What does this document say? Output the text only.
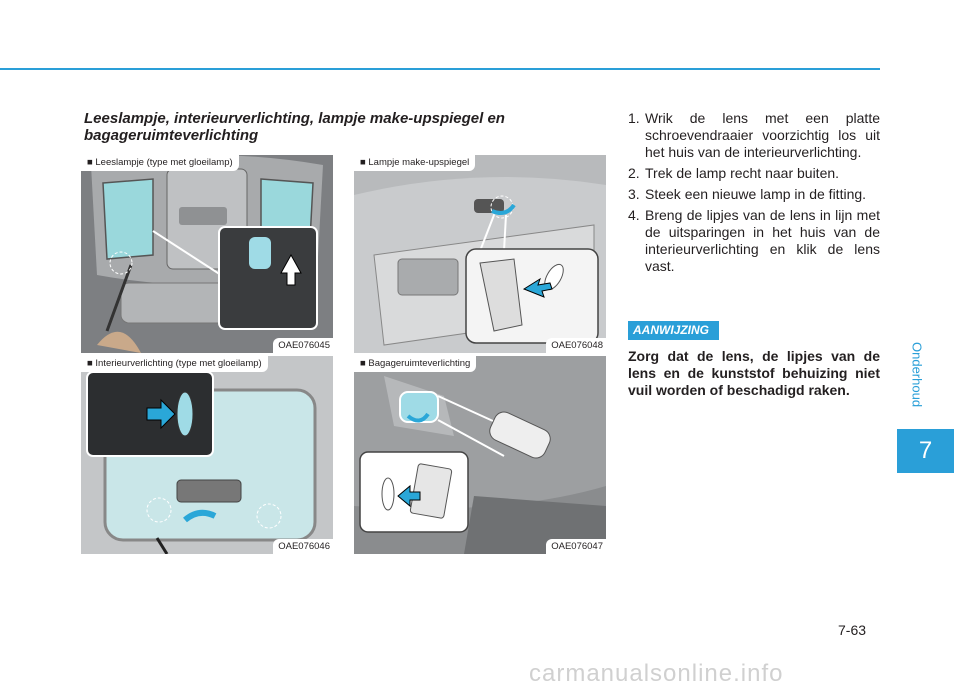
Leeslampje, interieurverlichting, lampje make-upspiegel en bagageruimteverlichting
■ Leeslampje (type met gloeilamp)
OAE076045
■ Lampje make-upspiegel
OAE076048
■ Interieurverlichting (type met gloeilamp)
OAE076046
■ Bagageruimteverlichting
OAE076047
1. Wrik de lens met een platte schroevendraaier voorzichtig los uit het huis van de interieurverlichting.
2. Trek de lamp recht naar buiten.
3. Steek een nieuwe lamp in de fitting.
4. Breng de lipjes van de lens in lijn met de uitsparingen in het huis van de interieurverlichting en klik de lens vast.
AANWIJZING
Zorg dat de lens, de lipjes van de lens en de kunststof behuizing niet vuil worden of beschadigd raken.	Onderhoud
7
7-63
carmanualsonline.info
